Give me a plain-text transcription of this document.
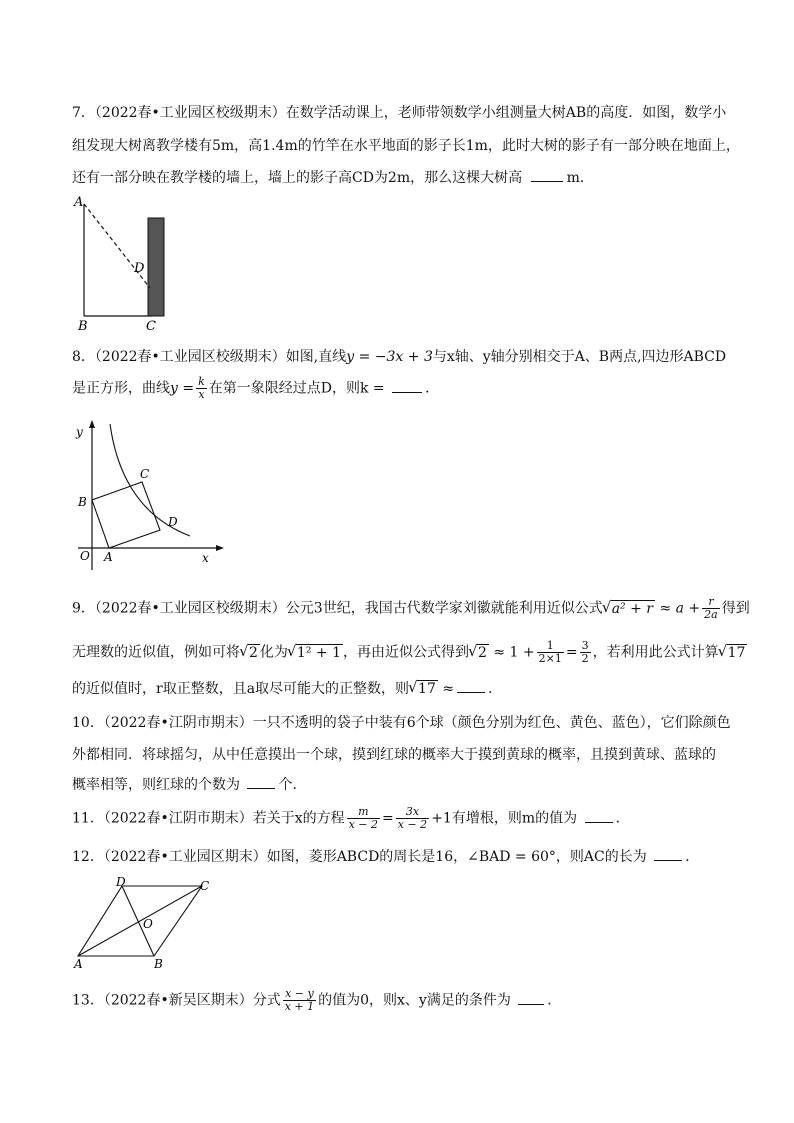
7．（2022春•工业园区校级期末）在数学活动课上，老师带领数学小组测量大树AB的高度．如图，数学小
组发现大树离教学楼有5m，高1.4m的竹竿在水平地面的影子长1m，此时大树的影子有一部分映在地面上，
还有一部分映在教学楼的墙上，墙上的影子高CD为2m，那么这棵大树高	m．
A
B	C
D
8．（2022春•工业园区校级期末）如图,直线y = −3x + 3与x轴、y轴分别相交于A、B两点,四边形ABCD
是正方形，曲线$y = \frac{k}{x}$ 在第一象限经过点D，则k =	．
y
x
O A
B
C
D
9．（2022春•工业园区校级期末）公元3世纪，我国古代数学家刘徽就能利用近似公式 √ $a^2 + r \approx a + \frac{r}{2a}$ 得到
无理数的近似值，例如可将 √ 2 化为 √ 1² + 1 ，再由近似公式得到 √ $2 \approx 1 + \frac{1}{2\times 1} = \frac{3}{2}$ ，若利用此公式计算 √ 17
的近似值时，r取正整数，且a取尽可能大的正整数，则 √ 17 ≈ ．
10．（2022春•江阴市期末）一只不透明的袋子中装有6个球（颜色分别为红色、黄色、蓝色），它们除颜色
外都相同．将球摇匀，从中任意摸出一个球，摸到红球的概率大于摸到黄球的概率，且摸到黄球、蓝球的
概率相等，则红球的个数为	个．
11．（2022春•江阴市期末）若关于x的方程 $\frac{m}{x - 2} = \frac{3x}{x - 2} +1$有增根，则m的值为	．
12．（2022春•工业园区期末）如图，菱形ABCD的周长是16，∠BAD = 60°，则AC的长为	．
A	B
C
D
O
13．（2022春•新吴区期末）分式 $\frac{x - y}{x + 1}$ 的值为0，则x、y满足的条件为	．
